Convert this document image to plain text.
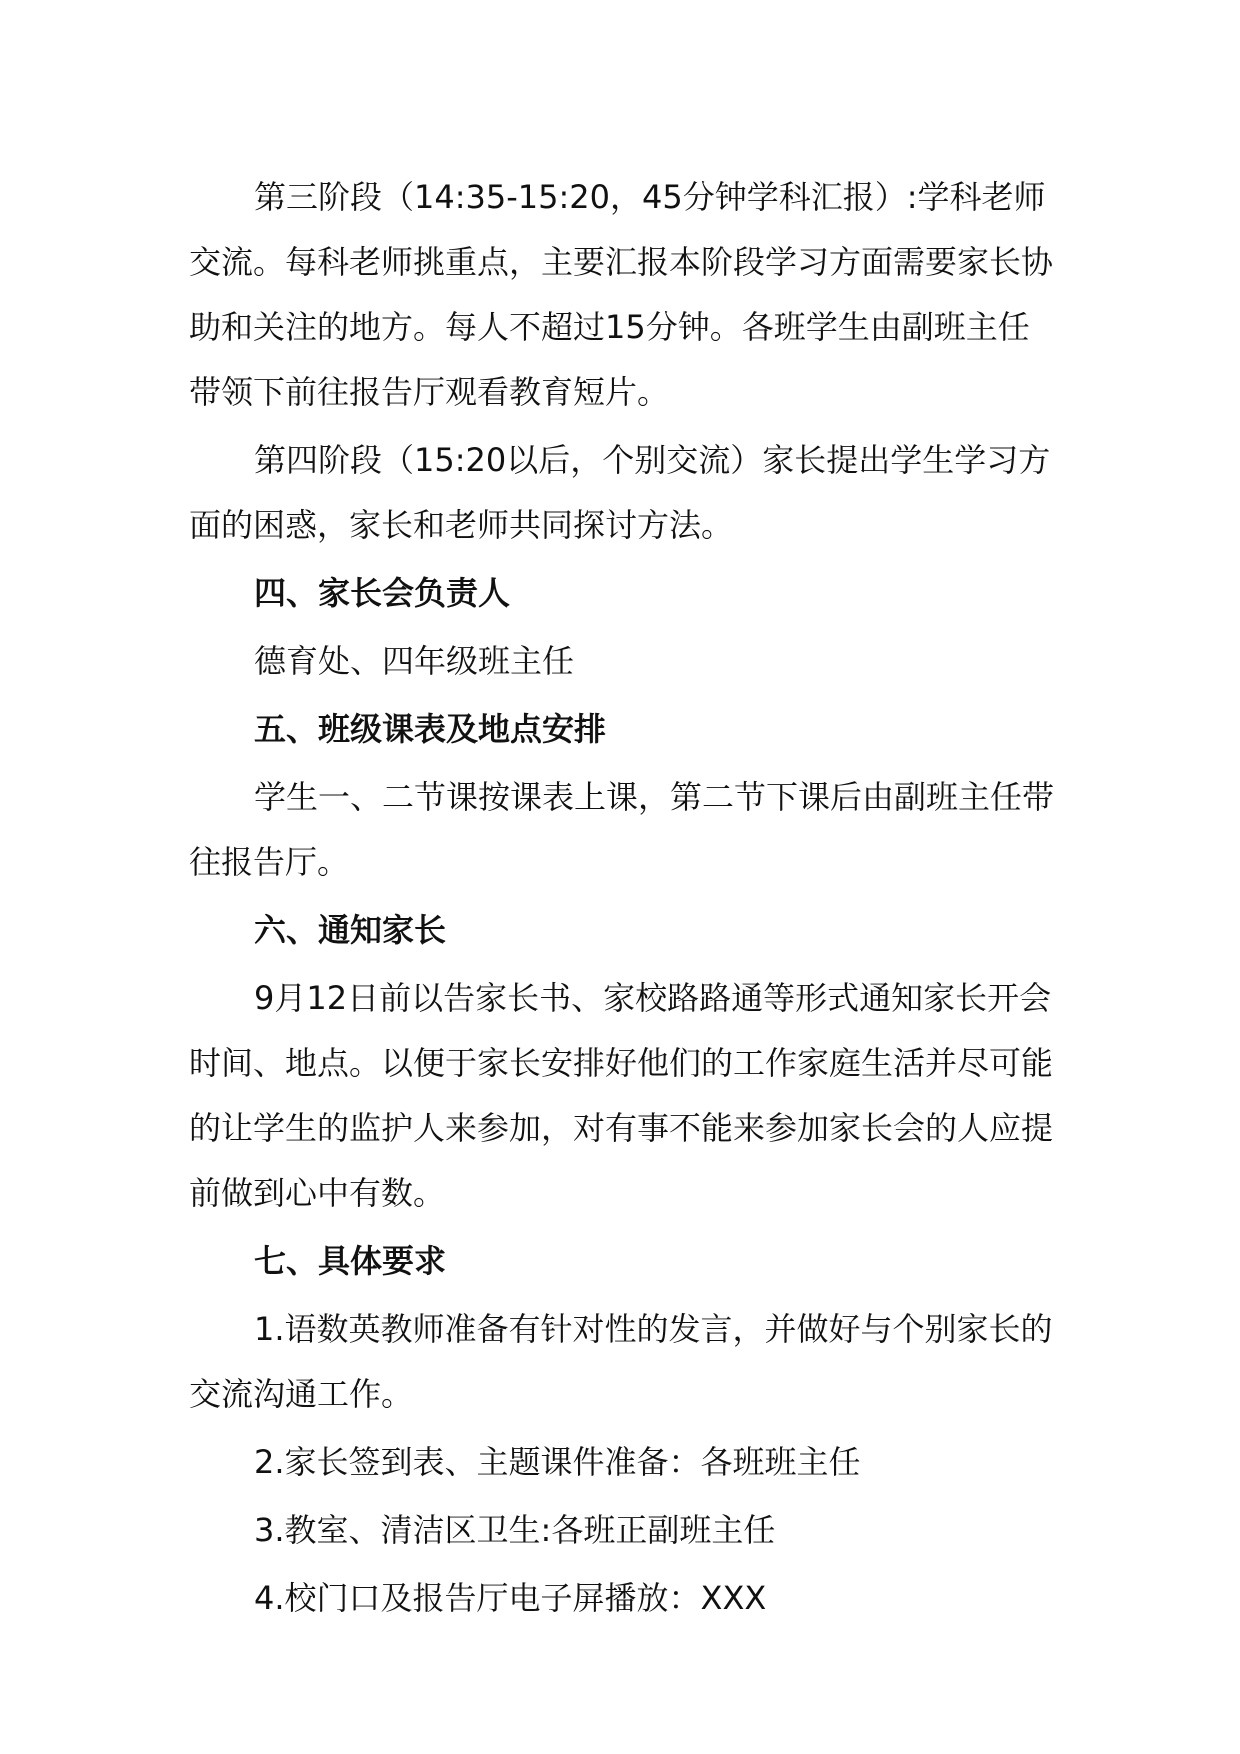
第三阶段（14:35-15:20，45分钟学科汇报）:学科老师交流。每科老师挑重点，主要汇报本阶段学习方面需要家长协助和关注的地方。每人不超过15分钟。各班学生由副班主任带领下前往报告厅观看教育短片。

第四阶段（15:20以后，个别交流）家长提出学生学习方面的困惑，家长和老师共同探讨方法。

四、家长会负责人

德育处、四年级班主任

五、班级课表及地点安排

学生一、二节课按课表上课，第二节下课后由副班主任带往报告厅。

六、通知家长

9月12日前以告家长书、家校路路通等形式通知家长开会时间、地点。以便于家长安排好他们的工作家庭生活并尽可能的让学生的监护人来参加，对有事不能来参加家长会的人应提前做到心中有数。

七、具体要求

1.语数英教师准备有针对性的发言，并做好与个别家长的交流沟通工作。

2.家长签到表、主题课件准备：各班班主任

3.教室、清洁区卫生:各班正副班主任

4.校门口及报告厅电子屏播放：XXX
